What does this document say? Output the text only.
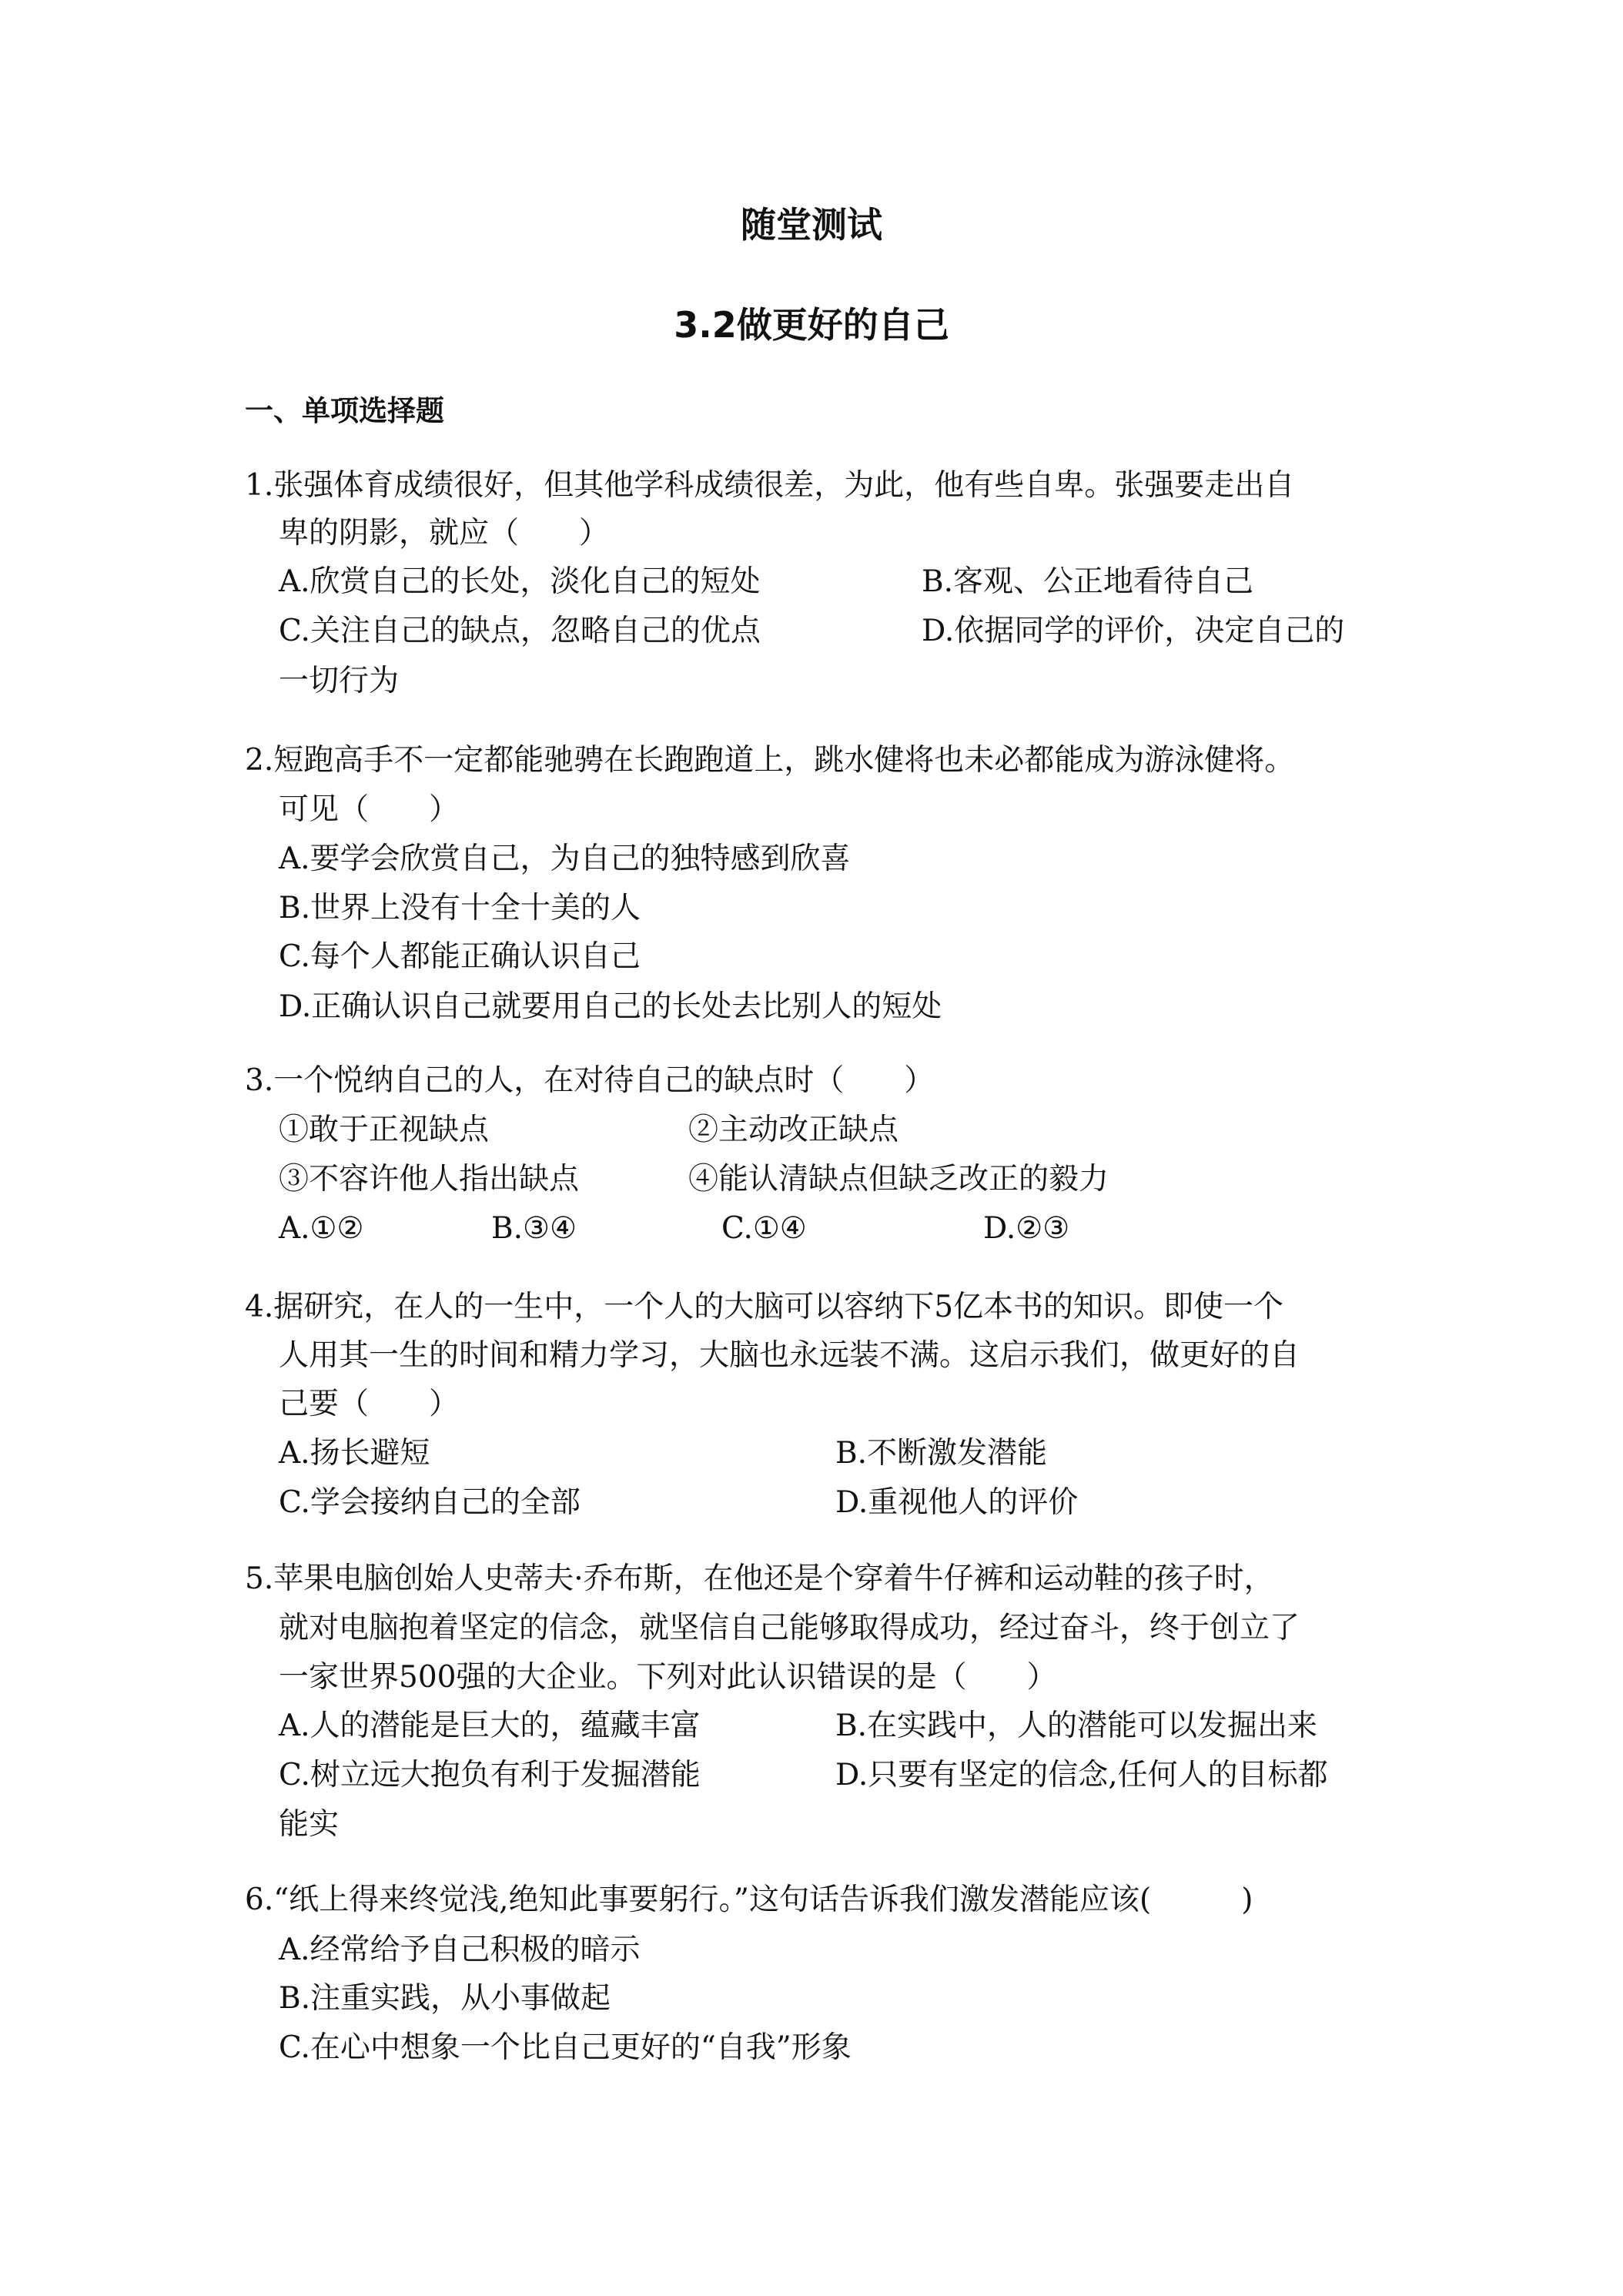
随堂测试
3.2做更好的自己
一、单项选择题
1.张强体育成绩很好，但其他学科成绩很差，为此，他有些自卑。张强要走出自
卑的阴影，就应（　　）
A.欣赏自己的长处，淡化自己的短处	B.客观、公正地看待自己
C.关注自己的缺点，忽略自己的优点	D.依据同学的评价，决定自己的
一切行为
2.短跑高手不一定都能驰骋在长跑跑道上，跳水健将也未必都能成为游泳健将。
可见（　　）
A.要学会欣赏自己，为自己的独特感到欣喜
B.世界上没有十全十美的人
C.每个人都能正确认识自己
D.正确认识自己就要用自己的长处去比别人的短处
3.一个悦纳自己的人，在对待自己的缺点时（　　）
①敢于正视缺点	②主动改正缺点
③不容许他人指出缺点	④能认清缺点但缺乏改正的毅力
A.①②	B.③④	C.①④	D.②③
4.据研究，在人的一生中，一个人的大脑可以容纳下5亿本书的知识。即使一个
人用其一生的时间和精力学习，大脑也永远装不满。这启示我们，做更好的自
己要（　　）
A.扬长避短	B.不断激发潜能
C.学会接纳自己的全部	D.重视他人的评价
5.苹果电脑创始人史蒂夫·乔布斯，在他还是个穿着牛仔裤和运动鞋的孩子时，
就对电脑抱着坚定的信念，就坚信自己能够取得成功，经过奋斗，终于创立了
一家世界500强的大企业。下列对此认识错误的是（　　）
A.人的潜能是巨大的，蕴藏丰富	B.在实践中，人的潜能可以发掘出来
C.树立远大抱负有利于发掘潜能	D.只要有坚定的信念,任何人的目标都
能实
6.“纸上得来终觉浅,绝知此事要躬行。”这句话告诉我们激发潜能应该(　　　)
A.经常给予自己积极的暗示
B.注重实践，从小事做起
C.在心中想象一个比自己更好的“自我”形象
